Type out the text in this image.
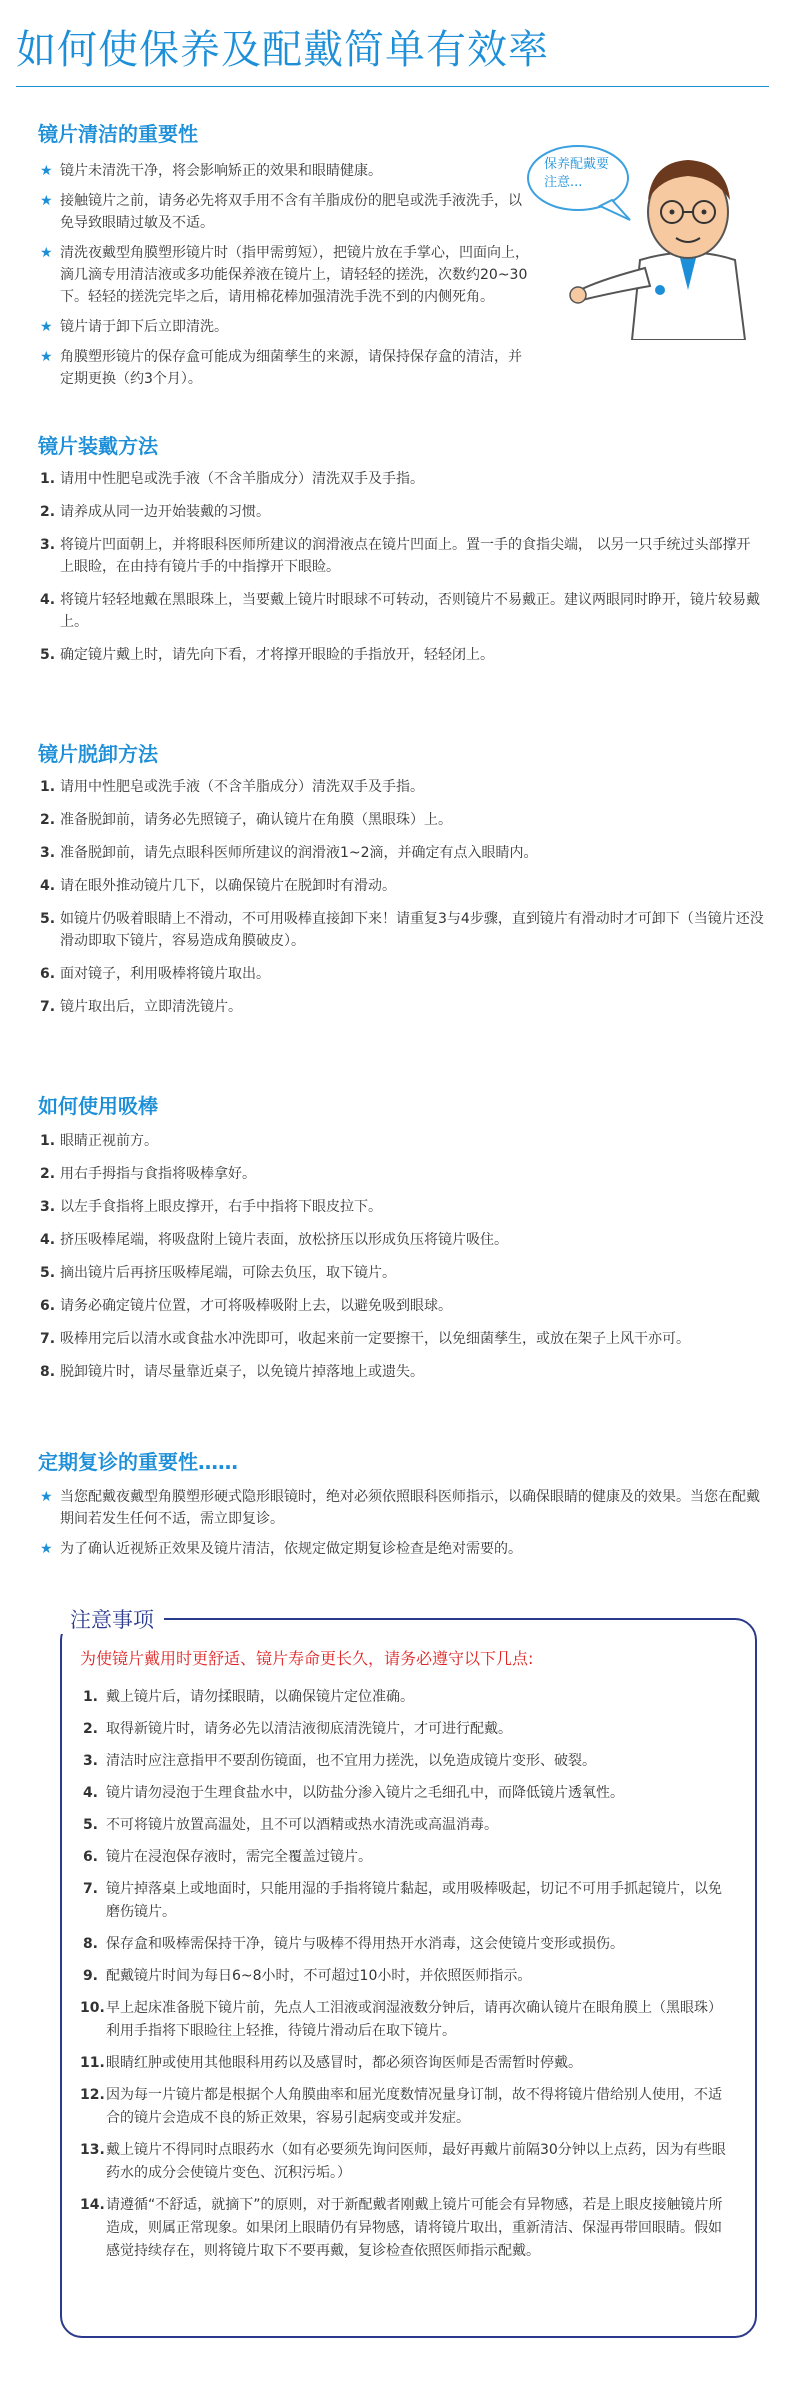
如何使保养及配戴简单有效率
镜片清洁的重要性
★ 镜片未清洗干净，将会影响矫正的效果和眼睛健康。
★ 接触镜片之前，请务必先将双手用不含有羊脂成份的肥皂或洗手液洗手，以免导致眼睛过敏及不适。
★ 清洗夜戴型角膜塑形镜片时（指甲需剪短），把镜片放在手掌心，凹面向上，滴几滴专用清洁液或多功能保养液在镜片上，请轻轻的搓洗，次数约20~30下。轻轻的搓洗完毕之后，请用棉花棒加强清洗手洗不到的内侧死角。
★ 镜片请于卸下后立即清洗。
★ 角膜塑形镜片的保存盒可能成为细菌孳生的来源，请保持保存盒的清洁，并定期更换（约3个月）。
保养配戴要
注意...
镜片装戴方法
1. 请用中性肥皂或洗手液（不含羊脂成分）清洗双手及手指。
2. 请养成从同一边开始装戴的习惯。
3. 将镜片凹面朝上，并将眼科医师所建议的润滑液点在镜片凹面上。置一手的食指尖端， 以另一只手统过头部撑开上眼睑，在由持有镜片手的中指撑开下眼睑。
4. 将镜片轻轻地戴在黑眼珠上，当要戴上镜片时眼球不可转动，否则镜片不易戴正。建议两眼同时睁开，镜片较易戴上。
5. 确定镜片戴上时，请先向下看，才将撑开眼睑的手指放开，轻轻闭上。
镜片脱卸方法
1. 请用中性肥皂或洗手液（不含羊脂成分）清洗双手及手指。
2. 准备脱卸前，请务必先照镜子，确认镜片在角膜（黑眼珠）上。
3. 准备脱卸前，请先点眼科医师所建议的润滑液1~2滴，并确定有点入眼睛内。
4. 请在眼外推动镜片几下，以确保镜片在脱卸时有滑动。
5. 如镜片仍吸着眼睛上不滑动，不可用吸棒直接卸下来！请重复3与4步骤，直到镜片有滑动时才可卸下（当镜片还没滑动即取下镜片，容易造成角膜破皮）。
6. 面对镜子，利用吸棒将镜片取出。
7. 镜片取出后，立即清洗镜片。
如何使用吸棒
1. 眼睛正视前方。
2. 用右手拇指与食指将吸棒拿好。
3. 以左手食指将上眼皮撑开，右手中指将下眼皮拉下。
4. 挤压吸棒尾端，将吸盘附上镜片表面，放松挤压以形成负压将镜片吸住。
5. 摘出镜片后再挤压吸棒尾端，可除去负压，取下镜片。
6. 请务必确定镜片位置，才可将吸棒吸附上去，以避免吸到眼球。
7. 吸棒用完后以清水或食盐水冲洗即可，收起来前一定要擦干，以免细菌孳生，或放在架子上风干亦可。
8. 脱卸镜片时，请尽量靠近桌子，以免镜片掉落地上或遗失。
定期复诊的重要性……
★ 当您配戴夜戴型角膜塑形硬式隐形眼镜时，绝对必须依照眼科医师指示，以确保眼睛的健康及的效果。当您在配戴期间若发生任何不适，需立即复诊。
★ 为了确认近视矫正效果及镜片清洁，依规定做定期复诊检查是绝对需要的。
注意事项
为使镜片戴用时更舒适、镜片寿命更长久，请务必遵守以下几点:
1. 戴上镜片后，请勿揉眼睛，以确保镜片定位准确。
2. 取得新镜片时，请务必先以清洁液彻底清洗镜片，才可进行配戴。
3. 清洁时应注意指甲不要刮伤镜面，也不宜用力搓洗，以免造成镜片变形、破裂。
4. 镜片请勿浸泡于生理食盐水中，以防盐分渗入镜片之毛细孔中，而降低镜片透氧性。
5. 不可将镜片放置高温处，且不可以酒精或热水清洗或高温消毒。
6. 镜片在浸泡保存液时，需完全覆盖过镜片。
7. 镜片掉落桌上或地面时，只能用湿的手指将镜片黏起，或用吸棒吸起，切记不可用手抓起镜片，以免磨伤镜片。
8. 保存盒和吸棒需保持干净，镜片与吸棒不得用热开水消毒，这会使镜片变形或损伤。
9. 配戴镜片时间为每日6~8小时，不可超过10小时，并依照医师指示。
10. 早上起床准备脱下镜片前，先点人工泪液或润湿液数分钟后，请再次确认镜片在眼角膜上（黑眼珠）利用手指将下眼睑往上轻推，待镜片滑动后在取下镜片。
11. 眼睛红肿或使用其他眼科用药以及感冒时，都必须咨询医师是否需暂时停戴。
12. 因为每一片镜片都是根据个人角膜曲率和屈光度数情况量身订制，故不得将镜片借给别人使用，不适合的镜片会造成不良的矫正效果，容易引起病变或并发症。
13. 戴上镜片不得同时点眼药水（如有必要须先询问医师，最好再戴片前隔30分钟以上点药，因为有些眼药水的成分会使镜片变色、沉积污垢。）
14. 请遵循“不舒适，就摘下”的原则，对于新配戴者刚戴上镜片可能会有异物感，若是上眼皮接触镜片所造成，则属正常现象。如果闭上眼睛仍有异物感，请将镜片取出，重新清洁、保湿再带回眼睛。假如感觉持续存在，则将镜片取下不要再戴，复诊检查依照医师指示配戴。
